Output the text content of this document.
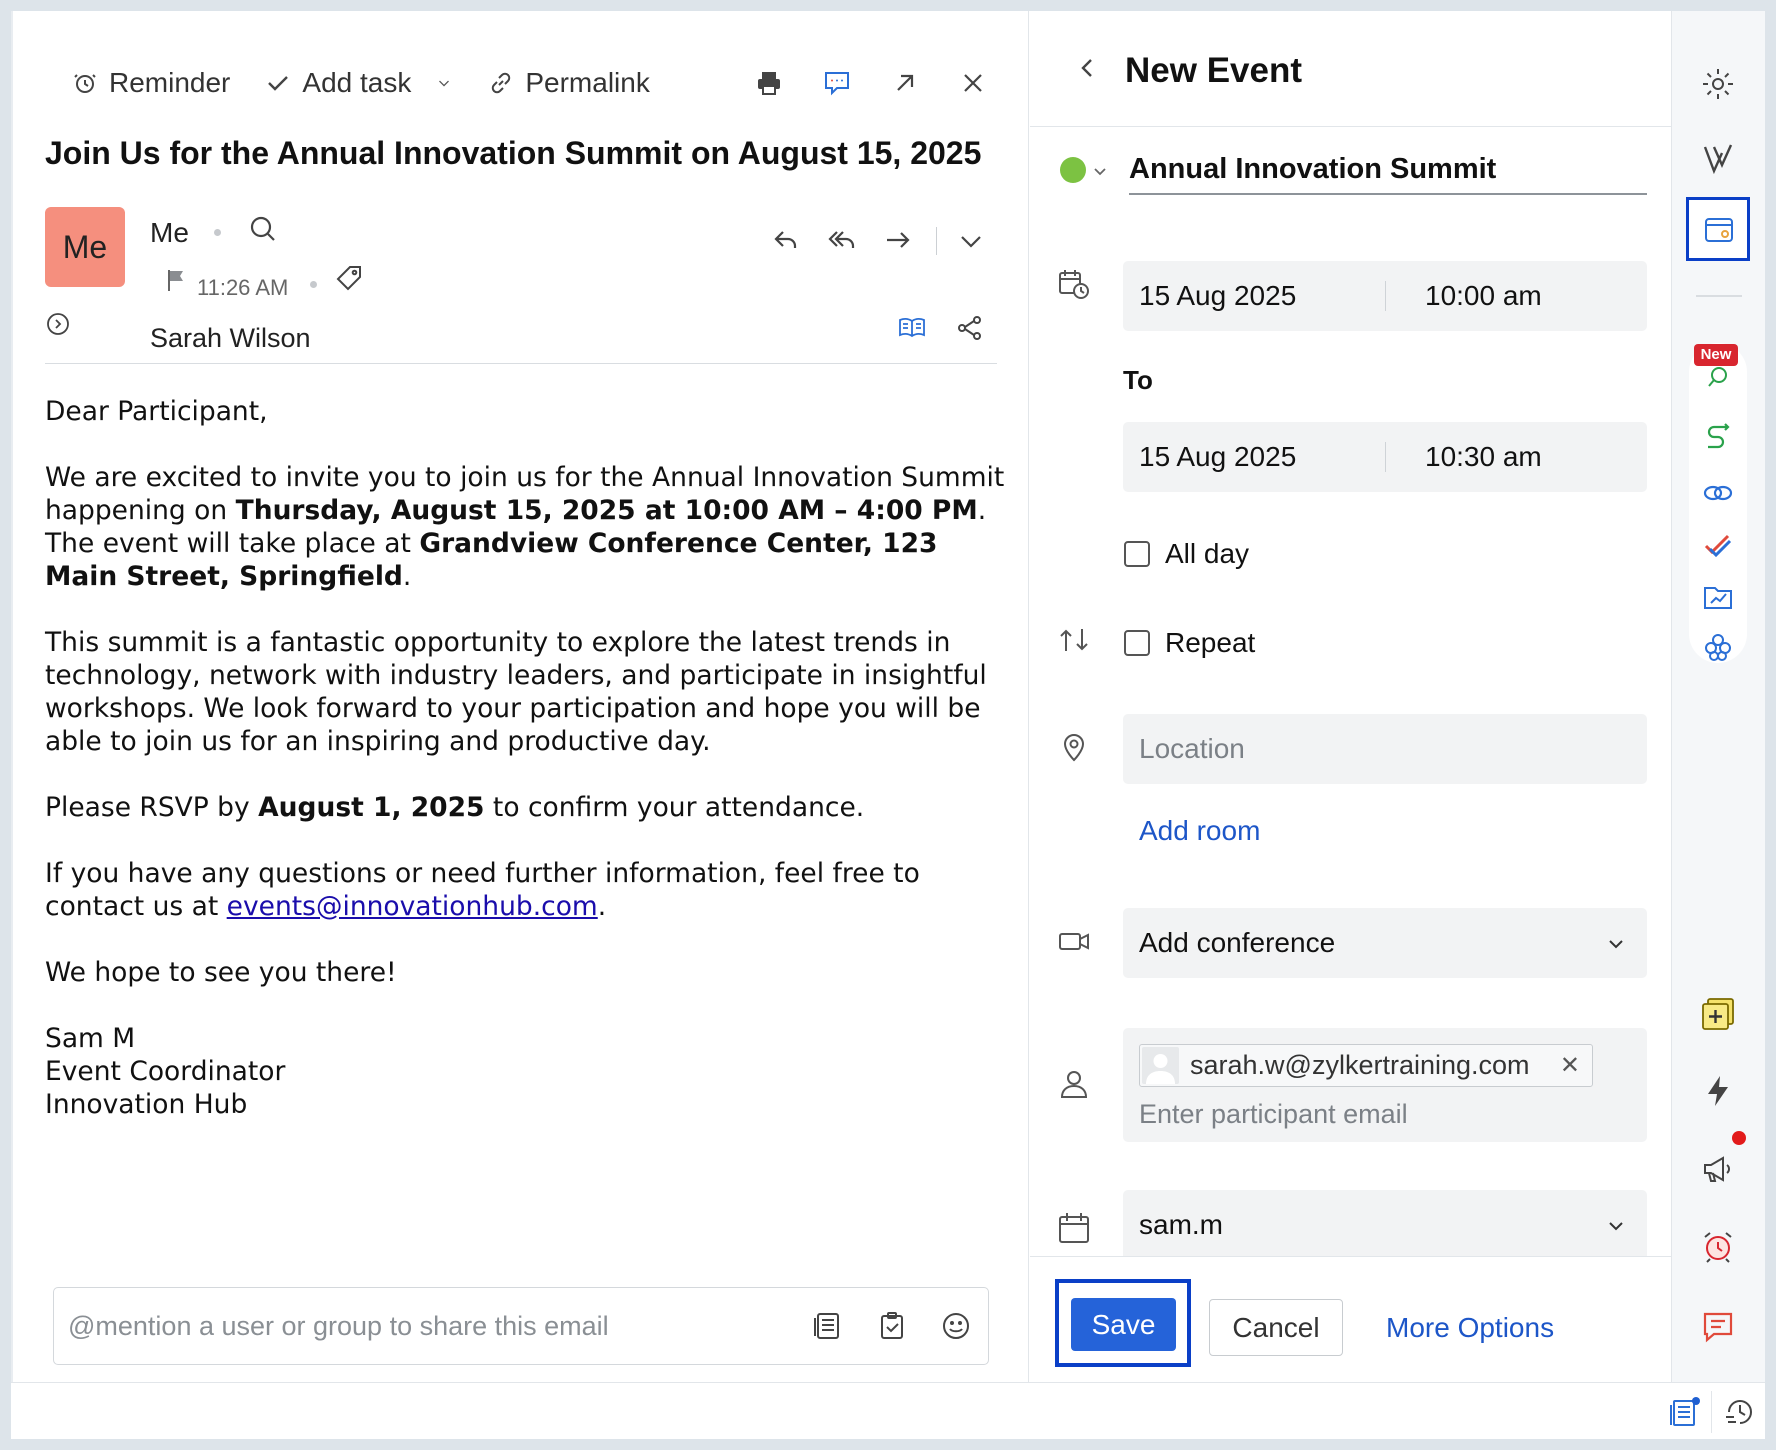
Reminder	Add task	Permalink
Join Us for the Annual Innovation Summit on August 15, 2025
Me	Me
11:26 AM
Sarah Wilson

Dear Participant,

We are excited to invite you to join us for the Annual Innovation Summit happening on Thursday, August 15, 2025 at 10:00 AM – 4:00 PM. The event will take place at Grandview Conference Center, 123 Main Street, Springfield.

This summit is a fantastic opportunity to explore the latest trends in technology, network with industry leaders, and participate in insightful workshops. We look forward to your participation and hope you will be able to join us for an inspiring and productive day.

Please RSVP by August 1, 2025 to confirm your attendance.

If you have any questions or need further information, feel free to contact us at events@innovationhub.com.

We hope to see you there!

Sam M
Event Coordinator
Innovation Hub
@mention a user or group to share this email
New Event
Annual Innovation Summit
15 Aug 2025	10:00 am
To
15 Aug 2025	10:30 am
All day
Repeat
Location
Add room
Add conference
sarah.w@zylkertraining.com ✕
Enter participant email
sam.m
Save	Cancel	More Options
New
